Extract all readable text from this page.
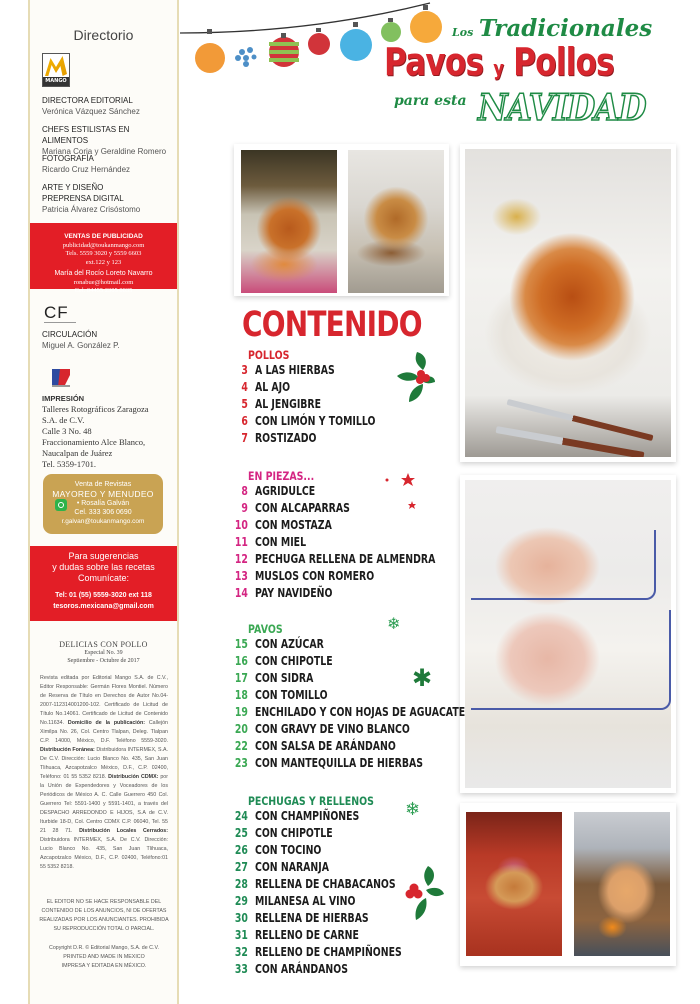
Directorio
MANGO
DIRECTORA EDITORIAL
Verónica Vázquez Sánchez
CHEFS ESTILISTAS EN ALIMENTOS
Mariana Coria y Geraldine Romero
FOTOGRAFÍA
Ricardo Cruz Hernández
ARTE Y DISEÑO
PREPRENSA DIGITAL
Patricia Álvarez Crisóstomo
VENTAS DE PUBLICIDAD
publicidad@toukanmango.com
Tels. 5559 3020 y 5559 6603
ext.122 y 123
María del Rocío Loreto Navarro
ronabue@hotmail.com
Cel. 04455 2305 8035
CF
CIRCULACIÓN
Miguel A. González P.
IMPRESIÓN
Talleres Rotográficos Zaragoza
S.A. de C.V.
Calle 3 No. 48
Fraccionamiento Alce Blanco,
Naucalpan de Juárez
Tel. 5359-1701.
Venta de Revistas
MAYOREO Y MENUDEO
• Rosalía Galván
Cel. 333 306 0690
r.galvan@toukanmango.com
Para sugerencias
y dudas sobre las recetas
Comunícate:
Tel: 01 (55) 5559-3020 ext 118
tesoros.mexicana@gmail.com
DELICIAS CON POLLO
Especial No. 39
Septiembre - Octubre de 2017
Revista editada por Editorial Mango S.A. de C.V., Editor Responsable: Germán Flores Montiel. Número de Reserva de Título en Derechos de Autor No.04-2007-112314001200-102. Certificado de Licitud de Título No.14061. Certificado de Licitud de Contenido No.11634. Domicilio de la publicación: Callejón Ximilpa No. 26, Col. Centro Tlalpan, Deleg. Tlalpan C.P. 14000, México, D.F. Teléfono 5559-3020. Distribución Foránea: Distribuidora INTERMEX, S.A. De C.V. Dirección: Lucio Blanco No. 435, San Juan Tlihuaca, Azcapotzalco México, D.F., C.P. 02400, Teléfono: 01 55 5352 8218. Distribución CDMX: por la Unión de Expendedores y Voceadores de los Periódicos de México A. C. Calle Guerrero 450 Col. Guerrero Tel: 5591-1400 y 5591-1401, a través del DESPACHO ARREDONDO E HIJOS, S.A de C.V. Iturbide 18-D, Col. Centro CDMX C.P. 06040, Tel. 55 21 28 71. Distribución Locales Cerrados: Distribuidora INTERMEX, S.A. De C.V. Dirección: Lucio Blanco No. 435, San Juan Tlihuaca, Azcapotzalco México, D.F., C.P. 02400, Teléfono:01 55 5352 8218.
EL EDITOR NO SE HACE RESPONSABLE DEL CONTENIDO DE LOS ANUNCIOS, NI DE OFERTAS REALIZADAS POR LOS ANUNCIANTES. PROHIBIDA SU REPRODUCCIÓN TOTAL O PARCIAL.
Copyright D.R. © Editorial Mango, S.A. de C.V.
PRINTED AND MADE IN MEXICO
IMPRESA Y EDITADA EN MÉXICO.
Los Tradicionales
Pavos y Pollos
para esta NAVIDAD
CONTENIDO
POLLOS
3 A LAS HIERBAS
4 AL AJO
5 AL JENGIBRE
6 CON LIMÓN Y TOMILLO
7 ROSTIZADO
EN PIEZAS...
8 AGRIDULCE
9 CON ALCAPARRAS
10 CON MOSTAZA
11 CON MIEL
12 PECHUGA RELLENA DE ALMENDRA
13 MUSLOS CON ROMERO
14 PAY NAVIDEÑO
PAVOS
15 CON AZÚCAR
16 CON CHIPOTLE
17 CON SIDRA
18 CON TOMILLO
19 ENCHILADO Y CON HOJAS DE AGUACATE
20 CON GRAVY DE VINO BLANCO
22 CON SALSA DE ARÁNDANO
23 CON MANTEQUILLA DE HIERBAS
PECHUGAS Y RELLENOS
24 CON CHAMPIÑONES
25 CON CHIPOTLE
26 CON TOCINO
27 CON NARANJA
28 RELLENA DE CHABACANOS
29 MILANESA AL VINO
30 RELLENA DE HIERBAS
31 RELLENO DE CARNE
32 RELLENO DE CHAMPIÑONES
33 CON ARÁNDANOS
❄
✱
❄
